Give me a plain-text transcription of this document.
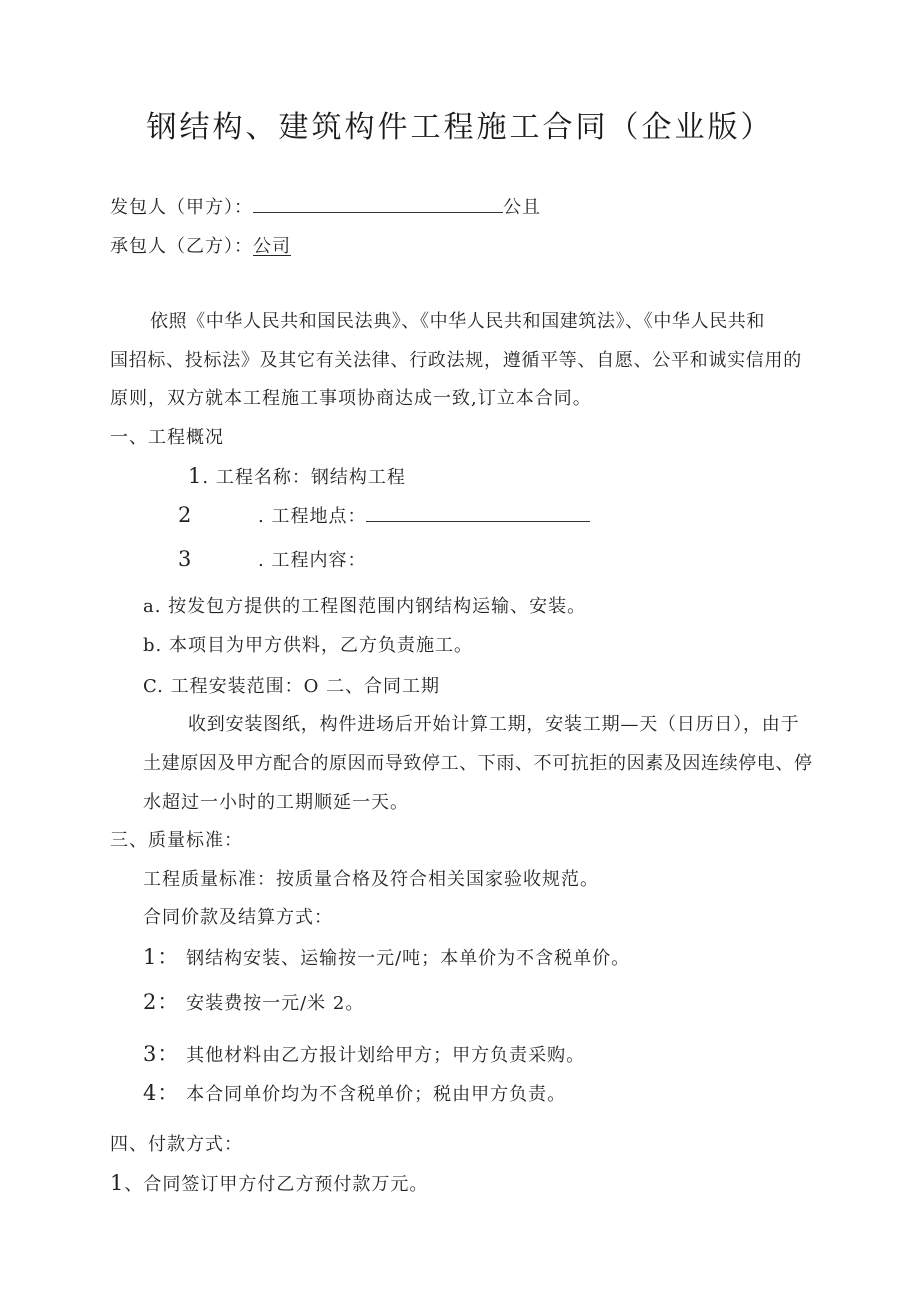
钢结构、建筑构件工程施工合同（企业版）
发包人（甲方）：	公且
承包人（乙方）：公司
依照《中华人民共和国民法典》、《中华人民共和国建筑法》、《中华人民共和
国招标、投标法》及其它有关法律、行政法规，遵循平等、自愿、公平和诚实信用的
原则，双方就本工程施工事项协商达成一致,订立本合同。
一、工程概况
1. 工程名称：钢结构工程
2	. 工程地点：
3	. 工程内容：
a. 按发包方提供的工程图范围内钢结构运输、安装。
b. 本项目为甲方供料，乙方负责施工。
C. 工程安装范围：O 二、合同工期
收到安装图纸，构件进场后开始计算工期，安装工期—天（日历日），由于
土建原因及甲方配合的原因而导致停工、下雨、不可抗拒的因素及因连续停电、停
水超过一小时的工期顺延一天。
三、质量标准：
工程质量标准：按质量合格及符合相关国家验收规范。
合同价款及结算方式：
1： 钢结构安装、运输按一元/吨；本单价为不含税单价。
2： 安装费按一元/米 2。
3： 其他材料由乙方报计划给甲方；甲方负责采购。
4： 本合同单价均为不含税单价；税由甲方负责。
四、付款方式：
1、合同签订甲方付乙方预付款万元。
